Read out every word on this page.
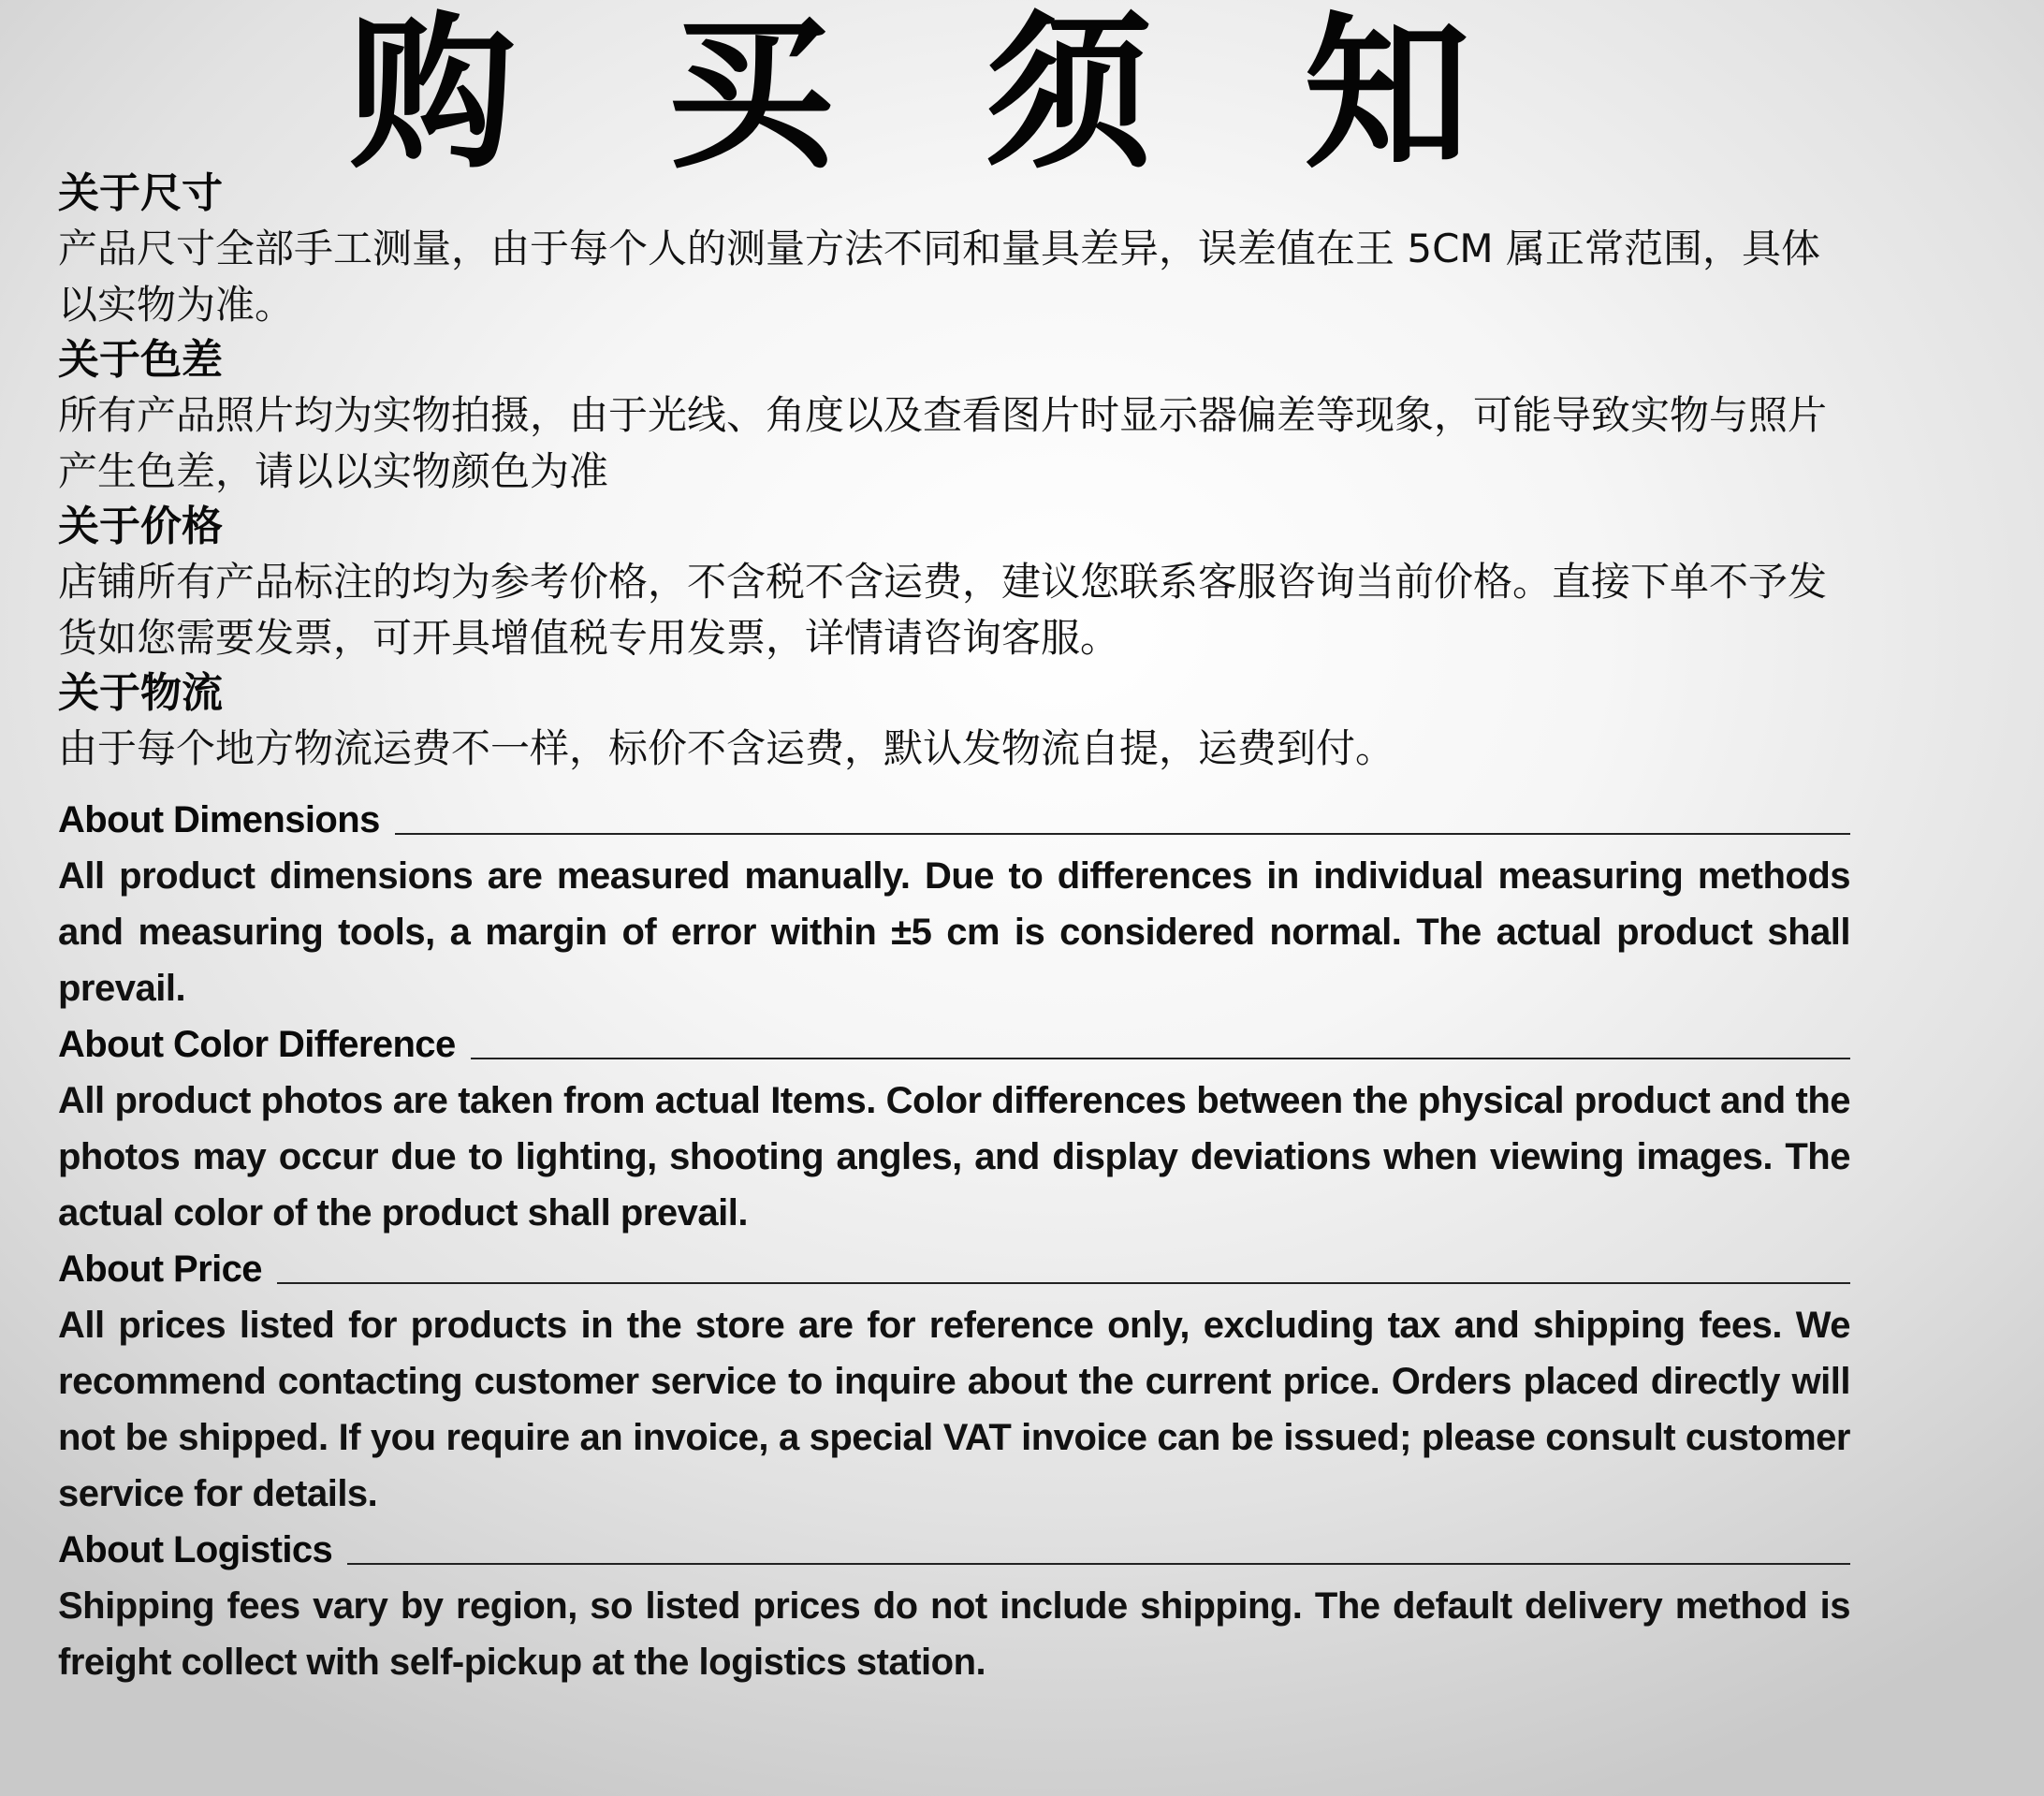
购 买 须 知
关于尺寸
产品尺寸全部手工测量，由于每个人的测量方法不同和量具差异，误差值在王 5CM 属正常范围，具体以实物为准。
关于色差
所有产品照片均为实物拍摄，由于光线、角度以及查看图片时显示器偏差等现象，可能导致实物与照片产生色差，请以以实物颜色为准
关于价格
店铺所有产品标注的均为参考价格，不含税不含运费，建议您联系客服咨询当前价格。直接下单不予发货如您需要发票，可开具增值税专用发票，详情请咨询客服。
关于物流
由于每个地方物流运费不一样，标价不含运费，默认发物流自提，运费到付。
About Dimensions
All product dimensions are measured manually. Due to differences in individual measuring methods and measuring tools, a margin of error within ±5 cm is considered normal. The actual product shall prevail.
About Color Difference
All product photos are taken from actual Items. Color differences between the physical product and the photos may occur due to lighting, shooting angles, and display deviations when viewing images. The actual color of the product shall prevail.
About Price
All prices listed for products in the store are for reference only, excluding tax and shipping fees. We recommend contacting customer service to inquire about the current price. Orders placed directly will not be shipped. If you require an invoice, a special VAT invoice can be issued; please consult customer service for details.
About Logistics
Shipping fees vary by region, so listed prices do not include shipping. The default delivery method is freight collect with self-pickup at the logistics station.
